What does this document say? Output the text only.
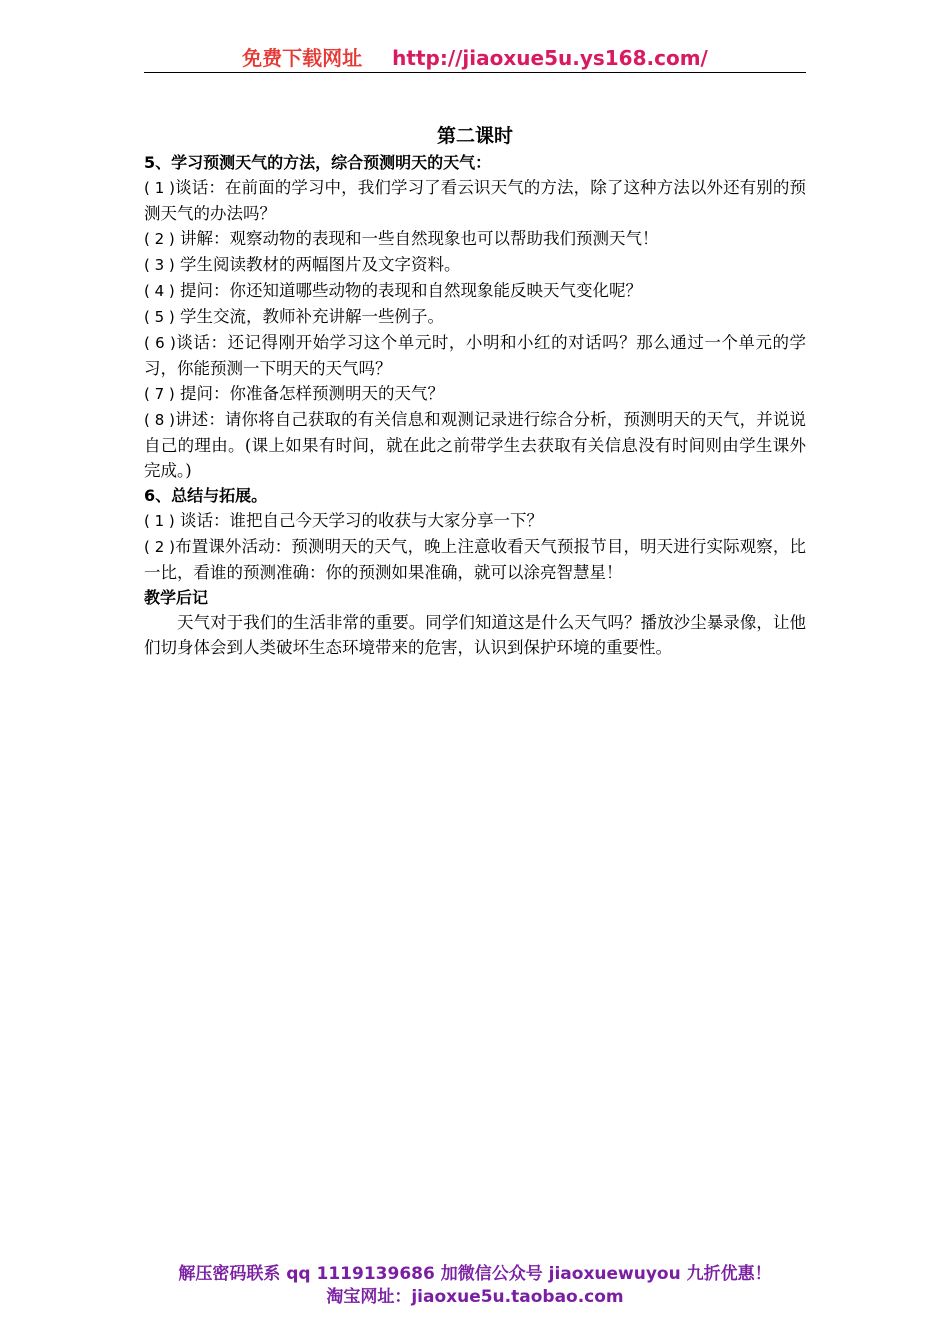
免费下载网址 http://jiaoxue5u.ys168.com/
第二课时
5、学习预测天气的方法，综合预测明天的天气：
( 1 )谈话：在前面的学习中，我们学习了看云识天气的方法，除了这种方法以外还有别的预测天气的办法吗？
( 2 ) 讲解：观察动物的表现和一些自然现象也可以帮助我们预测天气！
( 3 ) 学生阅读教材的两幅图片及文字资料。
( 4 ) 提问：你还知道哪些动物的表现和自然现象能反映天气变化呢？
( 5 ) 学生交流，教师补充讲解一些例子。
( 6 )谈话：还记得刚开始学习这个单元时，小明和小红的对话吗？那么通过一个单元的学习，你能预测一下明天的天气吗？
( 7 ) 提问：你准备怎样预测明天的天气？
( 8 )讲述：请你将自己获取的有关信息和观测记录进行综合分析，预测明天的天气，并说说自己的理由。(课上如果有时间，就在此之前带学生去获取有关信息没有时间则由学生课外完成。)
6、总结与拓展。
( 1 ) 谈话：谁把自己今天学习的收获与大家分享一下？
( 2 )布置课外活动：预测明天的天气，晚上注意收看天气预报节目，明天进行实际观察，比一比，看谁的预测准确：你的预测如果准确，就可以涂亮智慧星！
教学后记
天气对于我们的生活非常的重要。同学们知道这是什么天气吗？播放沙尘暴录像，让他们切身体会到人类破坏生态环境带来的危害，认识到保护环境的重要性。
解压密码联系 qq 1119139686 加微信公众号 jiaoxuewuyou 九折优惠！
淘宝网址：jiaoxue5u.taobao.com
